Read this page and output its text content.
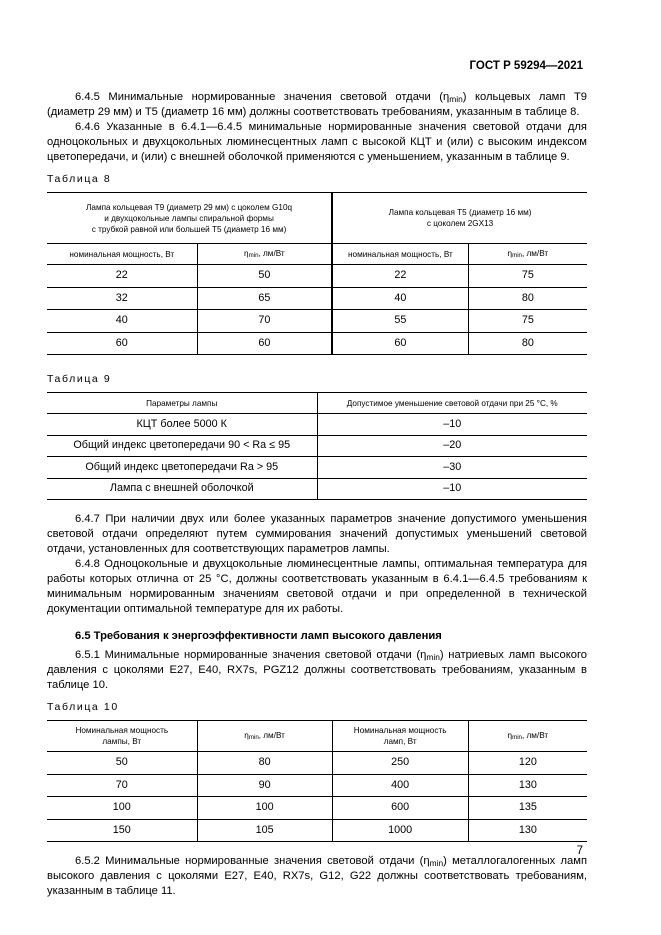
ГОСТ Р 59294—2021

6.4.5 Минимальные нормированные значения световой отдачи (ηmin) кольцевых ламп Т9 (диаметр 29 мм) и Т5 (диаметр 16 мм) должны соответствовать требованиям, указанным в таблице 8.

6.4.6 Указанные в 6.4.1—6.4.5 минимальные нормированные значения световой отдачи для одноцокольных и двухцокольных люминесцентных ламп с высокой КЦТ и (или) с высоким индексом цветопередачи, и (или) с внешней оболочкой применяются с уменьшением, указанным в таблице 9.

Таблица 8
Лампа кольцевая Т9 (диаметр 29 мм) с цоколем G10q
и двухцокольные лампы спиральной формы
с трубкой равной или большей Т5 (диаметр 16 мм)		Лампа кольцевая Т5 (диаметр 16 мм)
с цоколем 2GX13	
номинальная мощность, Вт	ηmin, лм/Вт	номинальная мощность, Вт	ηmin, лм/Вт
22	50	22	75
32	65	40	80
40	70	55	75
60	60	60	80
Таблица 9
Параметры лампы	Допустимое уменьшение световой отдачи при 25 °С, %
КЦТ более 5000 К	–10
Общий индекс цветопередачи 90 < Ra ≤ 95	–20
Общий индекс цветопередачи Ra > 95	–30
Лампа с внешней оболочкой	–10

6.4.7 При наличии двух или более указанных параметров значение допустимого уменьшения световой отдачи определяют путем суммирования значений допустимых уменьшений световой отдачи, установленных для соответствующих параметров лампы.

6.4.8 Одноцокольные и двухцокольные люминесцентные лампы, оптимальная температура для работы которых отлична от 25 °С, должны соответствовать указанным в 6.4.1—6.4.5 требованиям к минимальным нормированным значениям световой отдачи и при определенной в технической документации оптимальной температуре для их работы.

6.5 Требования к энергоэффективности ламп высокого давления

6.5.1 Минимальные нормированные значения световой отдачи (ηmin) натриевых ламп высокого давления с цоколями Е27, Е40, RX7s, PGZ12 должны соответствовать требованиям, указанным в таблице 10.

Таблица 10
Номинальная мощность
лампы, Вт	ηmin, лм/Вт	Номинальная мощность
ламп, Вт	ηmin, лм/Вт
50	80	250	120
70	90	400	130
100	100	600	135
150	105	1000	130

6.5.2 Минимальные нормированные значения световой отдачи (ηmin) металлогалогенных ламп высокого давления с цоколями Е27, Е40, RX7s, G12, G22 должны соответствовать требованиям, указанным в таблице 11.

7
